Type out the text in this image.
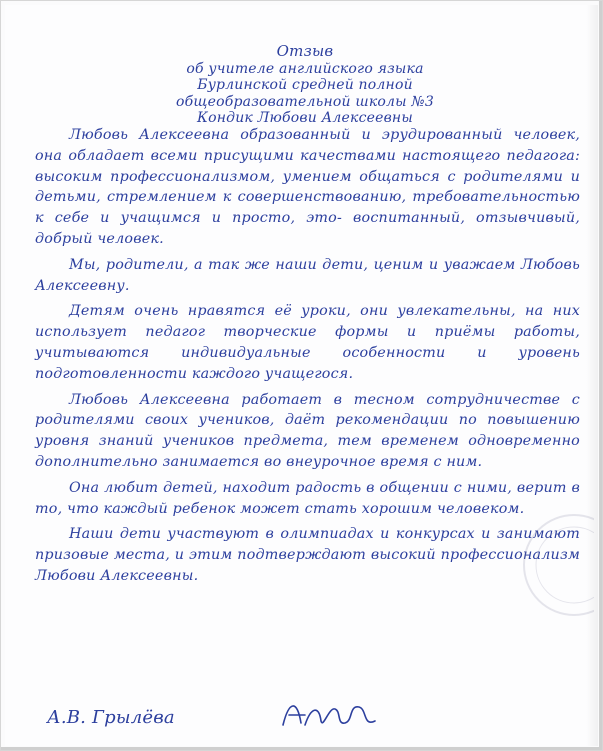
Отзыв
об учителе английского языка
Бурлинской средней полной
общеобразовательной школы №3
Кондик Любови Алексеевны

Любовь Алексеевна образованный и эрудированный человек, она обладает всеми присущими качествами настоящего педагога: высоким профессионализмом, умением общаться с родителями и детьми, стремлением к совершенствованию, требовательностью к себе и учащимся и просто, это- воспитанный, отзывчивый, добрый человек.

Мы, родители, а так же наши дети, ценим и уважаем Любовь Алексеевну.

Детям очень нравятся её уроки, они увлекательны, на них использует педагог творческие формы и приёмы работы, учитываются индивидуальные особенности и уровень подготовленности каждого учащегося.

Любовь Алексеевна работает в тесном сотрудничестве с родителями своих учеников, даёт рекомендации по повышению уровня знаний учеников предмета, тем временем одновременно дополнительно занимается во внеурочное время с ним.

Она любит детей, находит радость в общении с ними, верит в то, что каждый ребенок может стать хорошим человеком.

Наши дети участвуют в олимпиадах и конкурсах и занимают призовые места, и этим подтверждают высокий профессионализм Любови Алексеевны.

А.В. Грылёва
